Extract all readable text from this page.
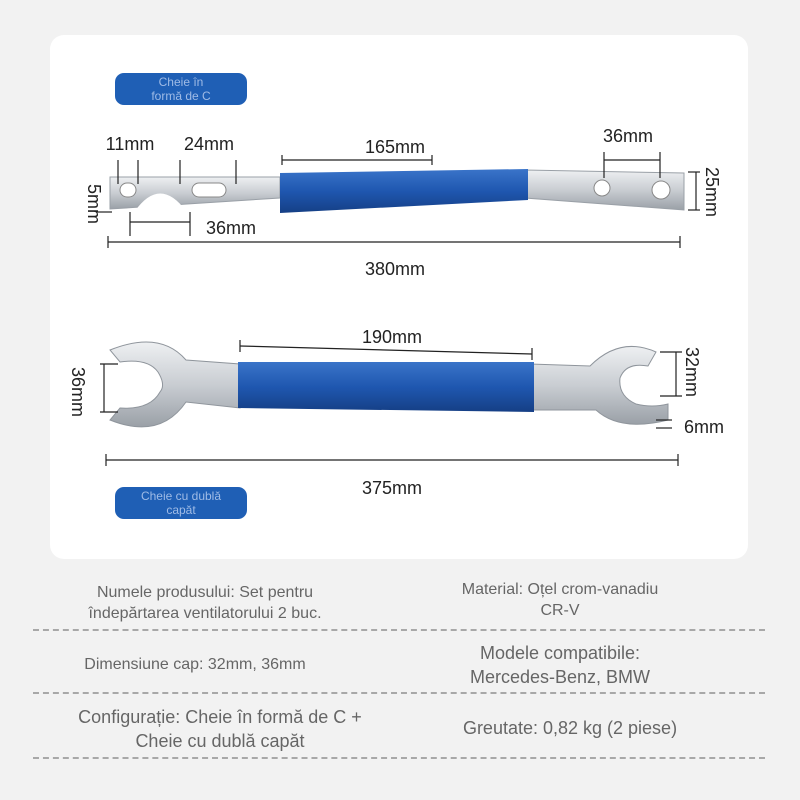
Cheie în
formă de C
Cheie cu dublă
capăt
11mm 24mm	165mm
36mm
36mm
380mm
5mm	25mm
190mm
375mm
6mm
36mm	32mm
Numele produsului: Set pentru
îndepărtarea ventilatorului 2 buc.
Material: Oțel crom-vanadiu
CR-V
Dimensiune cap: 32mm, 36mm
Modele compatibile:
Mercedes-Benz, BMW
Configurație: Cheie în formă de C +
Cheie cu dublă capăt
Greutate: 0,82 kg (2 piese)
